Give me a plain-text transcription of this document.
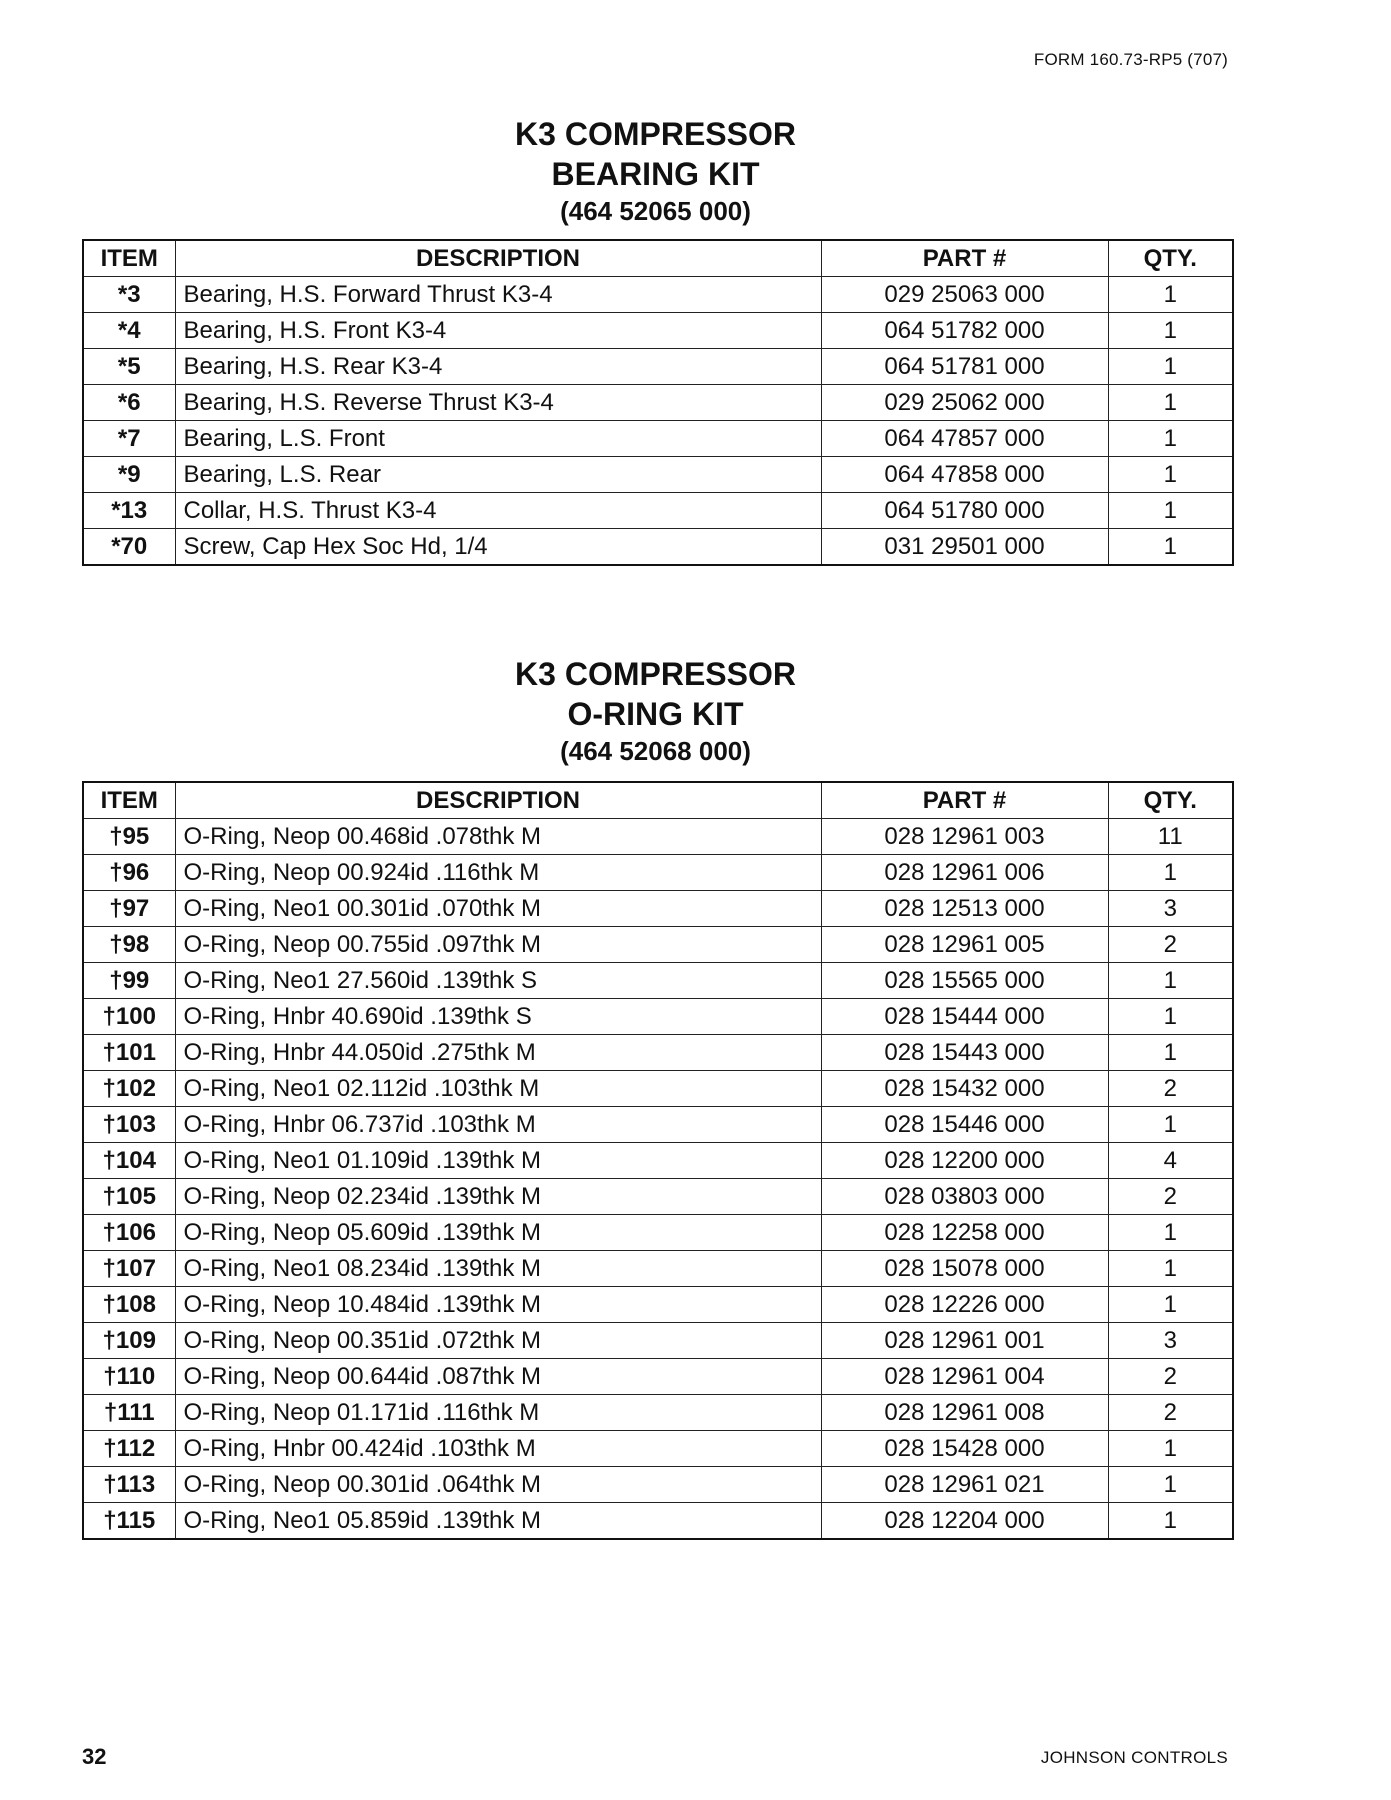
FORM 160.73-RP5 (707)
K3 COMPRESSOR
BEARING KIT
(464 52065 000)
ITEM	DESCRIPTION	PART #	QTY.
*3	Bearing, H.S. Forward Thrust K3-4	029 25063 000	1
*4	Bearing, H.S. Front K3-4	064 51782 000	1
*5	Bearing, H.S. Rear K3-4	064 51781 000	1
*6	Bearing, H.S. Reverse Thrust K3-4	029 25062 000	1
*7	Bearing, L.S. Front	064 47857 000	1
*9	Bearing, L.S. Rear	064 47858 000	1
*13	Collar, H.S. Thrust K3-4	064 51780 000	1
*70	Screw, Cap Hex Soc Hd, 1/4	031 29501 000	1
K3 COMPRESSOR
O-RING KIT
(464 52068 000)
ITEM	DESCRIPTION	PART #	QTY.
†95	O-Ring, Neop 00.468id .078thk M	028 12961 003	11
†96	O-Ring, Neop 00.924id .116thk M	028 12961 006	1
†97	O-Ring, Neo1 00.301id .070thk M	028 12513 000	3
†98	O-Ring, Neop 00.755id .097thk M	028 12961 005	2
†99	O-Ring, Neo1 27.560id .139thk S	028 15565 000	1
†100	O-Ring, Hnbr 40.690id .139thk S	028 15444 000	1
†101	O-Ring, Hnbr 44.050id .275thk M	028 15443 000	1
†102	O-Ring, Neo1 02.112id .103thk M	028 15432 000	2
†103	O-Ring, Hnbr 06.737id .103thk M	028 15446 000	1
†104	O-Ring, Neo1 01.109id .139thk M	028 12200 000	4
†105	O-Ring, Neop 02.234id .139thk M	028 03803 000	2
†106	O-Ring, Neop 05.609id .139thk M	028 12258 000	1
†107	O-Ring, Neo1 08.234id .139thk M	028 15078 000	1
†108	O-Ring, Neop 10.484id .139thk M	028 12226 000	1
†109	O-Ring, Neop 00.351id .072thk M	028 12961 001	3
†110	O-Ring, Neop 00.644id .087thk M	028 12961 004	2
†111	O-Ring, Neop 01.171id .116thk M	028 12961 008	2
†112	O-Ring, Hnbr 00.424id .103thk M	028 15428 000	1
†113	O-Ring, Neop 00.301id .064thk M	028 12961 021	1
†115	O-Ring, Neo1 05.859id .139thk M	028 12204 000	1
32	JOHNSON CONTROLS
